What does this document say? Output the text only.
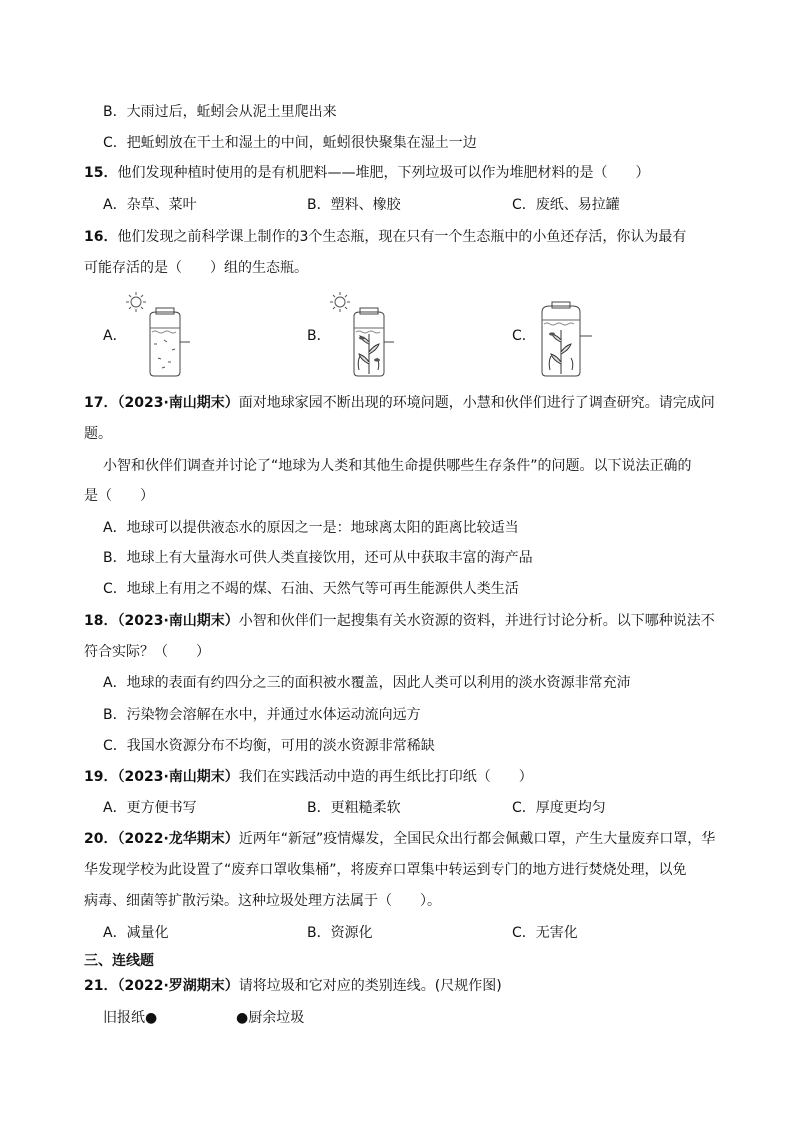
B．大雨过后，蚯蚓会从泥土里爬出来
C．把蚯蚓放在干土和湿土的中间，蚯蚓很快聚集在湿土一边
15．他们发现种植时使用的是有机肥料——堆肥，下列垃圾可以作为堆肥材料的是（　　）
A．杂草、菜叶	B．塑料、橡胶	C．废纸、易拉罐
16．他们发现之前科学课上制作的3个生态瓶，现在只有一个生态瓶中的小鱼还存活，你认为最有
可能存活的是（　　）组的生态瓶。
A．	B．	C．
17．（2023·南山期末）面对地球家园不断出现的环境问题，小慧和伙伴们进行了调查研究。请完成问
题。
小智和伙伴们调查并讨论了“地球为人类和其他生命提供哪些生存条件”的问题。以下说法正确的
是（　　）
A．地球可以提供液态水的原因之一是：地球离太阳的距离比较适当
B．地球上有大量海水可供人类直接饮用，还可从中获取丰富的海产品
C．地球上有用之不竭的煤、石油、天然气等可再生能源供人类生活
18．（2023·南山期末）小智和伙伴们一起搜集有关水资源的资料，并进行讨论分析。以下哪种说法不
符合实际？（　　）
A．地球的表面有约四分之三的面积被水覆盖，因此人类可以利用的淡水资源非常充沛
B．污染物会溶解在水中，并通过水体运动流向远方
C．我国水资源分布不均衡，可用的淡水资源非常稀缺
19．（2023·南山期末）我们在实践活动中造的再生纸比打印纸（　　）
A．更方便书写	B．更粗糙柔软	C．厚度更均匀
20．（2022·龙华期末）近两年“新冠”疫情爆发，全国民众出行都会佩戴口罩，产生大量废弃口罩，华
华发现学校为此设置了“废弃口罩收集桶”，将废弃口罩集中转运到专门的地方进行焚烧处理，以免
病毒、细菌等扩散污染。这种垃圾处理方法属于（　　）。
A．减量化	B．资源化	C．无害化
三、连线题
21．（2022·罗湖期末）请将垃圾和它对应的类别连线。(尺规作图)
旧报纸●	●厨余垃圾
